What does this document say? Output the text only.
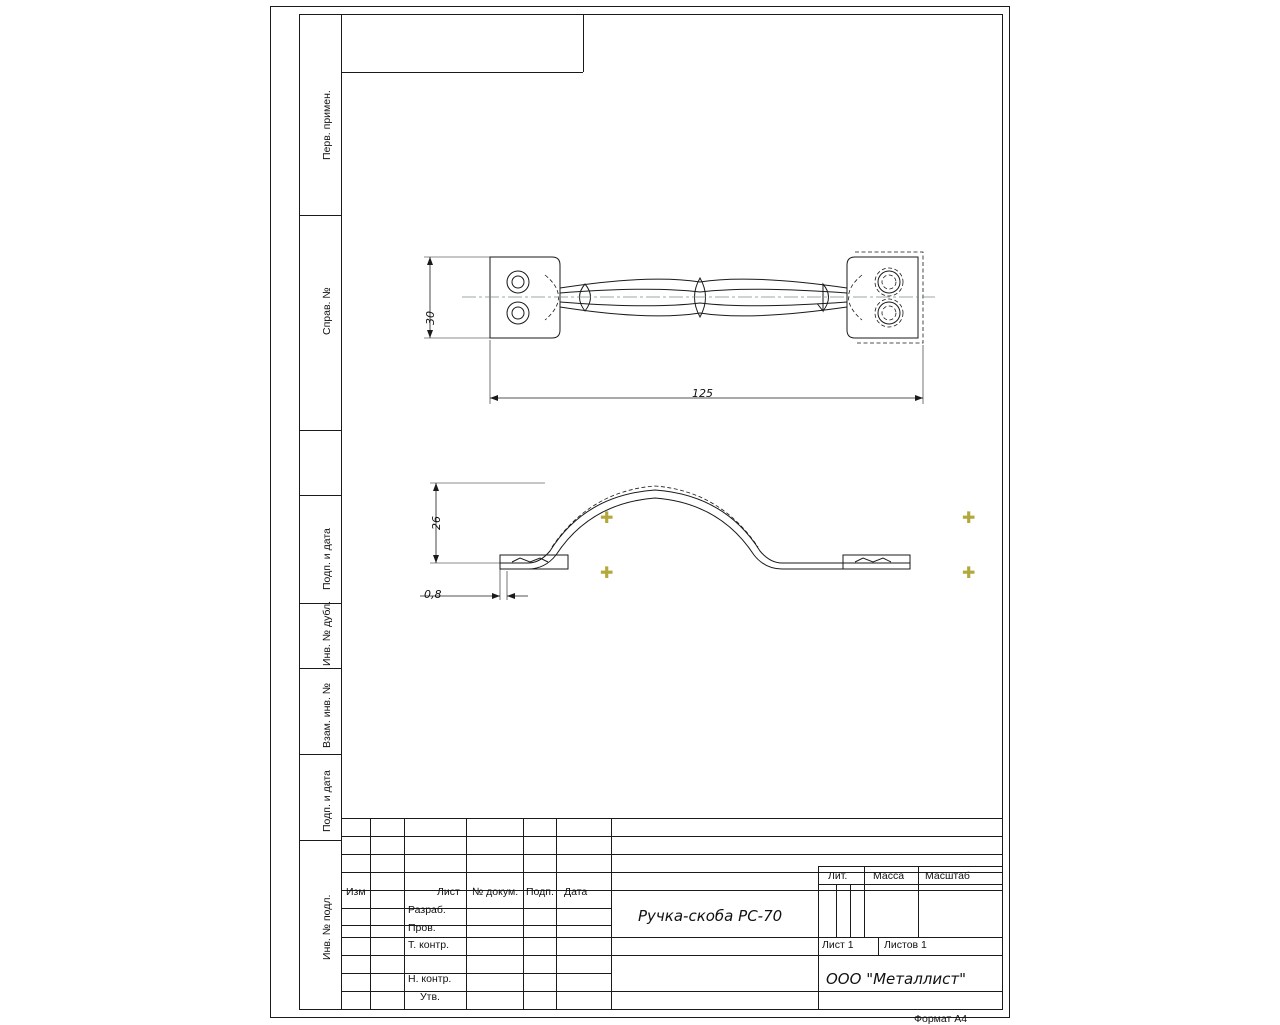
Перв. примен.
Справ. №
Подп. и дата
Инв. № дубл.
Взам. инв. №
Подп. и дата
Инв. № подл.
30
125
26
0,8
✚
✚
✚
✚
Изм	Лист № докум. Подп. Дата
Разраб.
Пров.
Т. контр.
Н. контр.
Утв.
Лит. Масса Масштаб
Лист 1	Листов 1
Ручка-скоба РС-70
ООО "Металлист"
Формат А4
